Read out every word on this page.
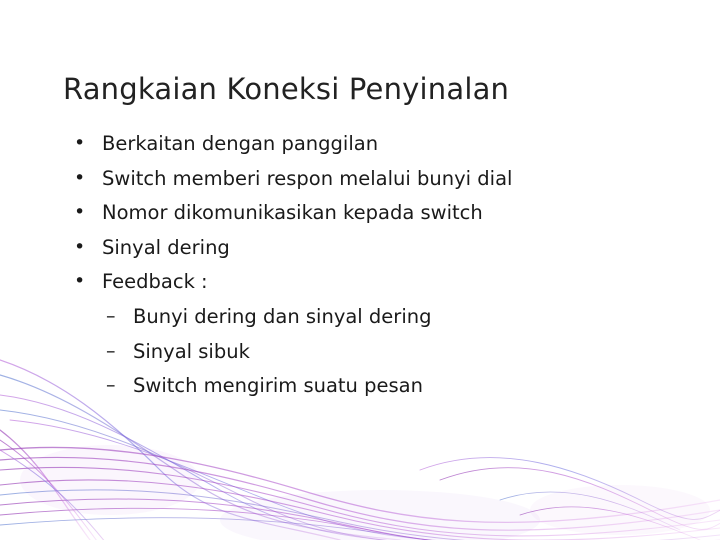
Rangkaian Koneksi Penyinalan
• Berkaitan dengan panggilan
• Switch memberi respon melalui bunyi dial
• Nomor dikomunikasikan kepada switch
• Sinyal dering
• Feedback :
– Bunyi dering dan sinyal dering
– Sinyal sibuk
– Switch mengirim suatu pesan
